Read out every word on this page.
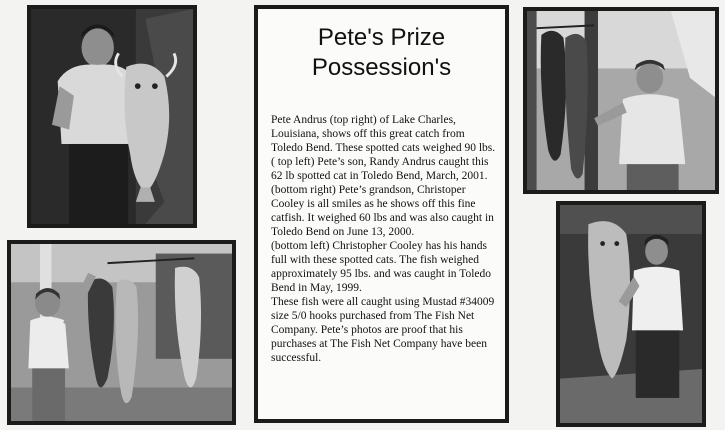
Pete's Prize
Possession's

Pete Andrus (top right) of Lake Charles, Louisiana, shows off this great catch from Toledo Bend. These spotted cats weighed 90 lbs.

( top left) Pete’s son, Randy Andrus caught this 62 lb spotted cat in Toledo Bend, March, 2001.

(bottom right) Pete’s grandson, Christoper Cooley is all smiles as he shows off this fine catfish. It weighed 60 lbs and was also caught in Toledo Bend on June 13, 2000.

(bottom left) Christopher Cooley has his hands full with these spotted cats. The fish weighed approximately 95 lbs. and was caught in Toledo Bend in May, 1999.

These fish were all caught using Mustad #34009 size 5/0 hooks purchased from The Fish Net Company. Pete’s photos are proof that his purchases at The Fish Net Company have been successful.
